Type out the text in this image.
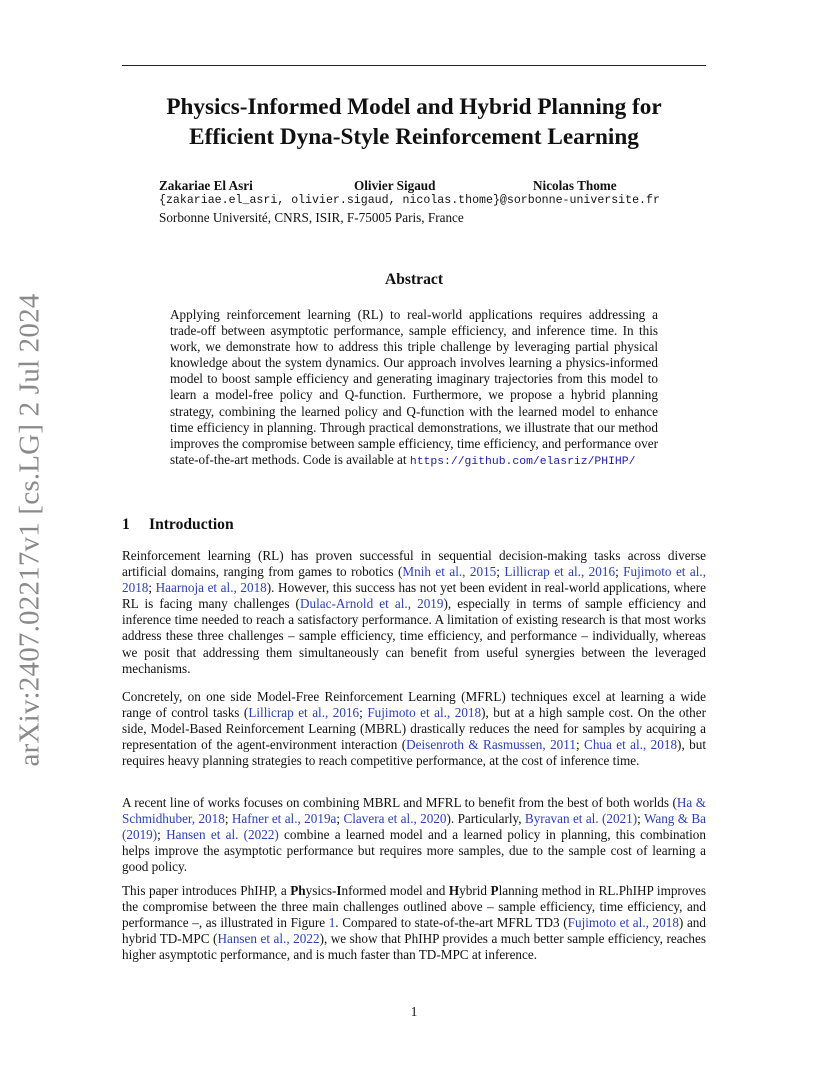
arXiv:2407.02217v1 [cs.LG] 2 Jul 2024
Physics-Informed Model and Hybrid Planning for
Efficient Dyna-Style Reinforcement Learning
Zakariae El Asri	Olivier Sigaud	Nicolas Thome
{zakariae.el_asri, olivier.sigaud, nicolas.thome}@sorbonne-universite.fr
Sorbonne Université, CNRS, ISIR, F-75005 Paris, France
Abstract
Applying reinforcement learning (RL) to real-world applications requires addressing a trade-off between asymptotic performance, sample efficiency, and inference time. In this work, we demonstrate how to address this triple challenge by leveraging partial physical knowledge about the system dynamics. Our approach involves learning a physics-informed model to boost sample efficiency and generating imaginary trajectories from this model to learn a model-free policy and Q-function. Furthermore, we propose a hybrid planning strategy, combining the learned policy and Q-function with the learned model to enhance time efficiency in planning. Through practical demonstrations, we illustrate that our method improves the compromise between sample efficiency, time efficiency, and performance over state-of-the-art methods. Code is available at https://github.com/elasriz/PHIHP/
1 Introduction

Reinforcement learning (RL) has proven successful in sequential decision-making tasks across diverse artificial domains, ranging from games to robotics (Mnih et al., 2015; Lillicrap et al., 2016; Fujimoto et al., 2018; Haarnoja et al., 2018). However, this success has not yet been evident in real-world applications, where RL is facing many challenges (Dulac-Arnold et al., 2019), especially in terms of sample efficiency and inference time needed to reach a satisfactory performance. A limitation of existing research is that most works address these three challenges – sample efficiency, time efficiency, and performance – individually, whereas we posit that addressing them simultaneously can benefit from useful synergies between the leveraged mechanisms.

Concretely, on one side Model-Free Reinforcement Learning (MFRL) techniques excel at learning a wide range of control tasks (Lillicrap et al., 2016; Fujimoto et al., 2018), but at a high sample cost. On the other side, Model-Based Reinforcement Learning (MBRL) drastically reduces the need for samples by acquiring a representation of the agent-environment interaction (Deisenroth & Rasmussen, 2011; Chua et al., 2018), but requires heavy planning strategies to reach competitive performance, at the cost of inference time.

A recent line of works focuses on combining MBRL and MFRL to benefit from the best of both worlds (Ha & Schmidhuber, 2018; Hafner et al., 2019a; Clavera et al., 2020). Particularly, Byravan et al. (2021); Wang & Ba (2019); Hansen et al. (2022) combine a learned model and a learned policy in planning, this combination helps improve the asymptotic performance but requires more samples, due to the sample cost of learning a good policy.

This paper introduces PhIHP, a Physics-Informed model and Hybrid Planning method in RL.PhIHP improves the compromise between the three main challenges outlined above – sample efficiency, time efficiency, and performance –, as illustrated in Figure 1. Compared to state-of-the-art MFRL TD3 (Fujimoto et al., 2018) and hybrid TD-MPC (Hansen et al., 2022), we show that PhIHP provides a much better sample efficiency, reaches higher asymptotic performance, and is much faster than TD-MPC at inference.

1
